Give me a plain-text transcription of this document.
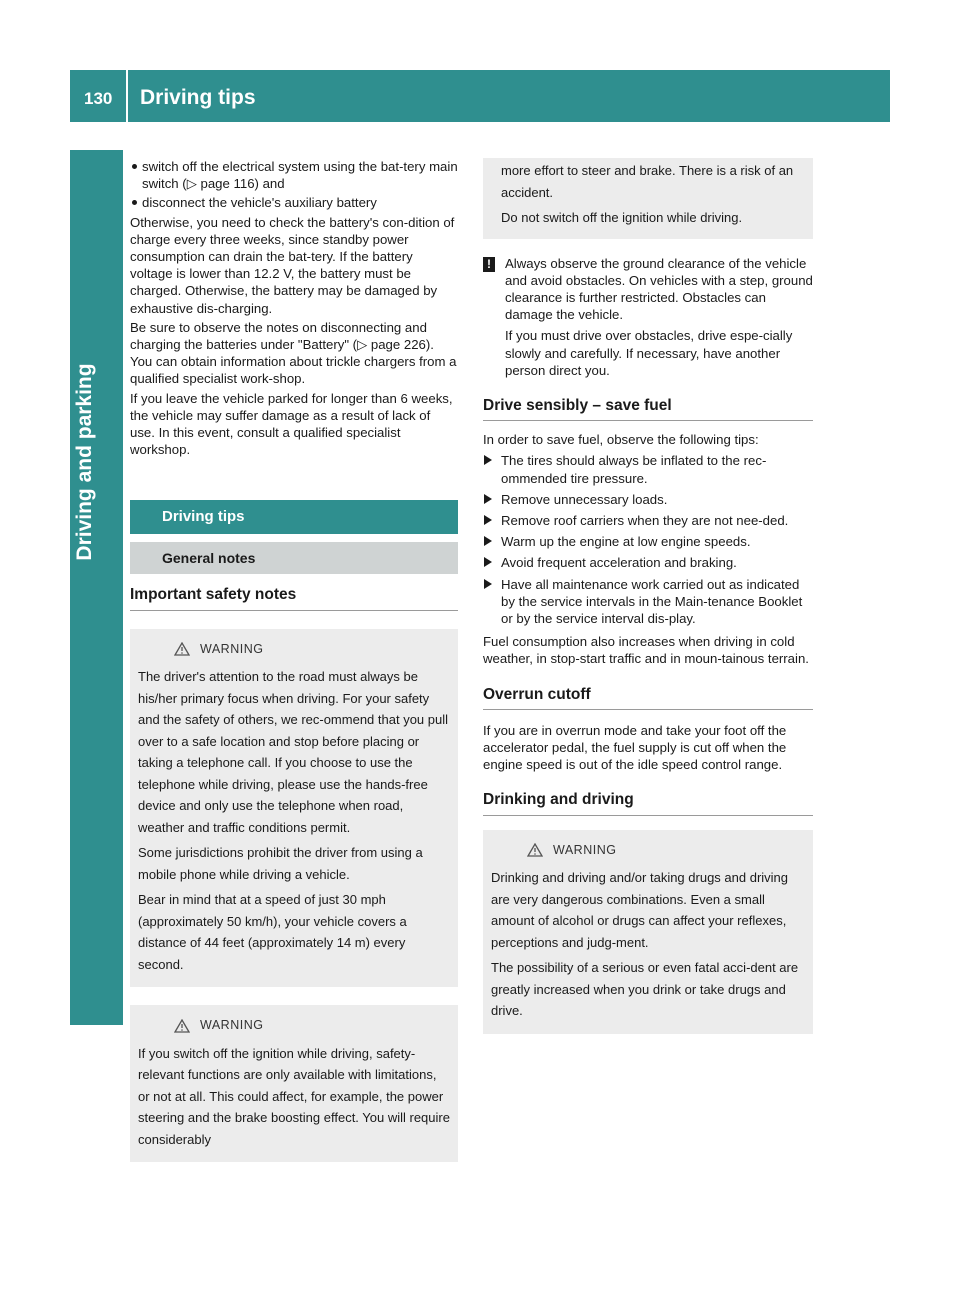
130 Driving tips
Driving and parking

switch off the electrical system using the bat-tery main switch (▷ page 116) and

disconnect the vehicle's auxiliary battery

Otherwise, you need to check the battery's con-dition of charge every three weeks, since standby power consumption can drain the bat-tery. If the battery voltage is lower than 12.2 V, the battery must be charged. Otherwise, the battery may be damaged by exhaustive dis-charging.

Be sure to observe the notes on disconnecting and charging the batteries under "Battery" (▷ page 226). You can obtain information about trickle chargers from a qualified specialist work-shop.

If you leave the vehicle parked for longer than 6 weeks, the vehicle may suffer damage as a result of lack of use. In this event, consult a qualified specialist workshop.

Driving tips
General notes
Important safety notes
WARNING

The driver's attention to the road must always be his/her primary focus when driving. For your safety and the safety of others, we rec-ommend that you pull over to a safe location and stop before placing or taking a telephone call. If you choose to use the telephone while driving, please use the hands-free device and only use the telephone when road, weather and traffic conditions permit.

Some jurisdictions prohibit the driver from using a mobile phone while driving a vehicle.

Bear in mind that at a speed of just 30 mph (approximately 50 km/h), your vehicle covers a distance of 44 feet (approximately 14 m) every second.

WARNING

If you switch off the ignition while driving, safety-relevant functions are only available with limitations, or not at all. This could affect, for example, the power steering and the brake boosting effect. You will require considerably

more effort to steer and brake. There is a risk of an accident.

Do not switch off the ignition while driving.

!	Always observe the ground clearance of the vehicle and avoid obstacles. On vehicles with a step, ground clearance is further restricted. Obstacles can damage the vehicle.

If you must drive over obstacles, drive espe-cially slowly and carefully. If necessary, have another person direct you.

Drive sensibly – save fuel

In order to save fuel, observe the following tips:

The tires should always be inflated to the rec-ommended tire pressure.
Remove unnecessary loads.
Remove roof carriers when they are not nee-ded.
Warm up the engine at low engine speeds.
Avoid frequent acceleration and braking.
Have all maintenance work carried out as indicated by the service intervals in the Main-tenance Booklet or by the service interval dis-play.

Fuel consumption also increases when driving in cold weather, in stop-start traffic and in moun-tainous terrain.

Overrun cutoff

If you are in overrun mode and take your foot off the accelerator pedal, the fuel supply is cut off when the engine speed is out of the idle speed control range.

Drinking and driving
WARNING

Drinking and driving and/or taking drugs and driving are very dangerous combinations. Even a small amount of alcohol or drugs can affect your reflexes, perceptions and judg-ment.

The possibility of a serious or even fatal acci-dent are greatly increased when you drink or take drugs and drive.
